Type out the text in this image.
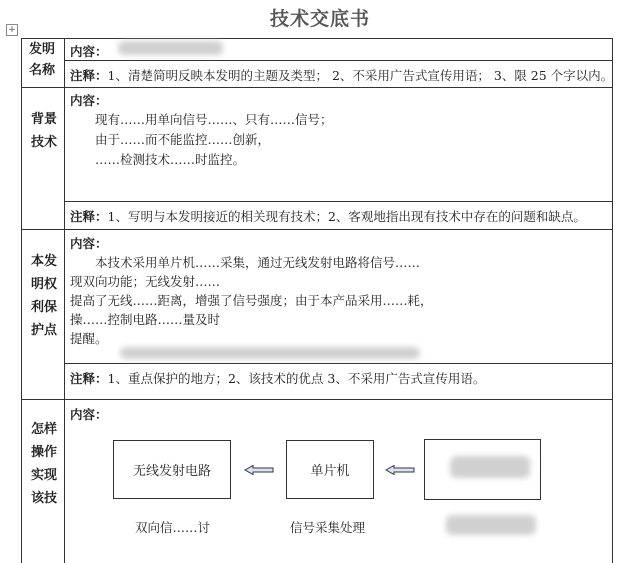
技术交底书
+
发明名称
内容：
注释：1、清楚简明反映本发明的主题及类型； 2、不采用广告式宣传用语； 3、限 25 个字以内。
背景技术
内容：
现有……用单向信号……、只有……信号；
由于……而不能监控……创新，
……检测技术……时监控。
注释：1、写明与本发明接近的相关现有技术；2、客观地指出现有技术中存在的问题和缺点。
本发明权利保护点
内容：
本技术采用单片机……采集，通过无线发射电路将信号……
现双向功能；无线发射……
提高了无线……距离，增强了信号强度；由于本产品采用……耗，
操……控制电路……量及时
提醒。
注释：1、重点保护的地方；2、该技术的优点 3、不采用广告式宣传用语。
怎样操作实现该技
内容：
无线发射电路	单片机
双向信……讨	信号采集处理
